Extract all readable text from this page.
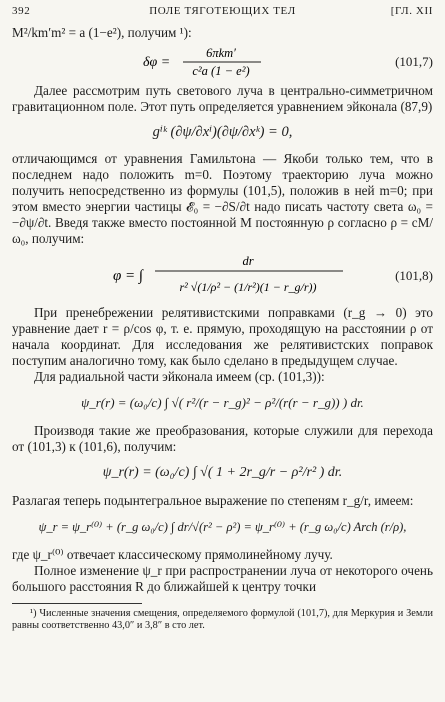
392	ПОЛЕ ТЯГОТЕЮЩИХ ТЕЛ	[ГЛ. XII

M²/km′m² = a (1−e²), получим ¹):

δφ =
6πkm′
c²a (1 − e²)
(101,7)

Далее рассмотрим путь светового луча в центрально-симметричном гравитационном поле. Этот путь определяется уравнением эйконала (87,9)

gⁱᵏ (∂ψ/∂xⁱ)(∂ψ/∂xᵏ) = 0,

отличающимся от уравнения Гамильтона — Якоби только тем, что в последнем надо положить m=0. Поэтому траекторию луча можно получить непосредственно из формулы (101,5), положив в ней m=0; при этом вместо энергии частицы 𝓔₀ = −∂S/∂t надо писать частоту света ω₀ = −∂ψ/∂t. Введя также вместо постоянной M постоянную ρ согласно ρ = cM/ω₀, получим:

φ = ∫
dr
r² √(1/ρ² − (1/r²)(1 − r_g/r))
(101,8)

При пренебрежении релятивистскими поправками (r_g → 0) это уравнение дает r = ρ/cos φ, т. е. прямую, проходящую на расстоянии ρ от начала координат. Для исследования же релятивистских поправок поступим аналогично тому, как было сделано в предыдущем случае.

Для радиальной части эйконала имеем (ср. (101,3)):

ψ_r(r) = (ω₀/c) ∫ √( r²/(r − r_g)² − ρ²/(r(r − r_g)) ) dr.

Производя такие же преобразования, которые служили для перехода от (101,3) к (101,6), получим:

ψ_r(r) = (ω₀/c) ∫ √( 1 + 2r_g/r − ρ²/r² ) dr.

Разлагая теперь подынтегральное выражение по степеням r_g/r, имеем:

ψ_r = ψ_r⁽⁰⁾ + (r_g ω₀/c) ∫ dr/√(r² − ρ²) = ψ_r⁽⁰⁾ + (r_g ω₀/c) Arch (r/ρ),

где ψ_r⁽⁰⁾ отвечает классическому прямолинейному лучу.

Полное изменение ψ_r при распространении луча от некоторого очень большого расстояния R до ближайшей к центру точки

¹) Численные значения смещения, определяемого формулой (101,7), для Меркурия и Земли равны соответственно 43,0″ и 3,8″ в сто лет.
